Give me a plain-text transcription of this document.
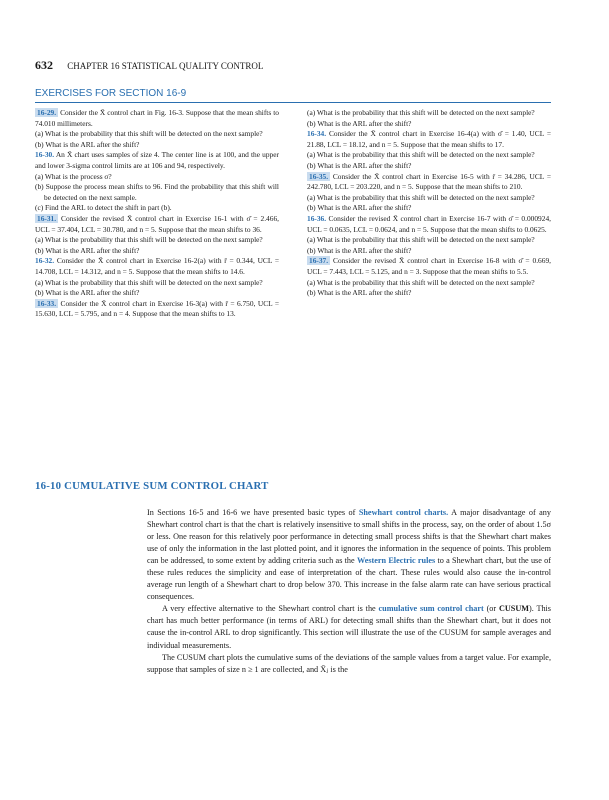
632 CHAPTER 16 STATISTICAL QUALITY CONTROL
EXERCISES FOR SECTION 16-9

16-29. Consider the X̄ control chart in Fig. 16-3. Suppose that the mean shifts to 74.010 millimeters.

(a) What is the probability that this shift will be detected on the next sample?

(b) What is the ARL after the shift?

16-30. An X̄ chart uses samples of size 4. The center line is at 100, and the upper and lower 3-sigma control limits are at 106 and 94, respectively.

(a) What is the process σ?

(b) Suppose the process mean shifts to 96. Find the probability that this shift will be detected on the next sample.

(c) Find the ARL to detect the shift in part (b).

16-31. Consider the revised X̄ control chart in Exercise 16-1 with σ̂ = 2.466, UCL = 37.404, LCL = 30.780, and n = 5. Suppose that the mean shifts to 36.

(a) What is the probability that this shift will be detected on the next sample?

(b) What is the ARL after the shift?

16-32. Consider the X̄ control chart in Exercise 16-2(a) with r̄ = 0.344, UCL = 14.708, LCL = 14.312, and n = 5. Suppose that the mean shifts to 14.6.

(a) What is the probability that this shift will be detected on the next sample?

(b) What is the ARL after the shift?

16-33. Consider the X̄ control chart in Exercise 16-3(a) with r̄ = 6.750, UCL = 15.630, LCL = 5.795, and n = 4. Suppose that the mean shifts to 13.

(a) What is the probability that this shift will be detected on the next sample?

(b) What is the ARL after the shift?

16-34. Consider the X̄ control chart in Exercise 16-4(a) with σ̂ = 1.40, UCL = 21.88, LCL = 18.12, and n = 5. Suppose that the mean shifts to 17.

(a) What is the probability that this shift will be detected on the next sample?

(b) What is the ARL after the shift?

16-35. Consider the X̄ control chart in Exercise 16-5 with r̄ = 34.286, UCL = 242.780, LCL = 203.220, and n = 5. Suppose that the mean shifts to 210.

(a) What is the probability that this shift will be detected on the next sample?

(b) What is the ARL after the shift?

16-36. Consider the revised X̄ control chart in Exercise 16-7 with σ̂ = 0.000924, UCL = 0.0635, LCL = 0.0624, and n = 5. Suppose that the mean shifts to 0.0625.

(a) What is the probability that this shift will be detected on the next sample?

(b) What is the ARL after the shift?

16-37. Consider the revised X̄ control chart in Exercise 16-8 with σ̂ = 0.669, UCL = 7.443, LCL = 5.125, and n = 3. Suppose that the mean shifts to 5.5.

(a) What is the probability that this shift will be detected on the next sample?

(b) What is the ARL after the shift?

16-10 CUMULATIVE SUM CONTROL CHART

In Sections 16-5 and 16-6 we have presented basic types of Shewhart control charts. A major disadvantage of any Shewhart control chart is that the chart is relatively insensitive to small shifts in the process, say, on the order of about 1.5σ or less. One reason for this relatively poor performance in detecting small process shifts is that the Shewhart chart makes use of only the information in the last plotted point, and it ignores the information in the sequence of points. This problem can be addressed, to some extent by adding criteria such as the Western Electric rules to a Shewhart chart, but the use of these rules reduces the simplicity and ease of interpretation of the chart. These rules would also cause the in-control average run length of a Shewhart chart to drop below 370. This increase in the false alarm rate can have serious practical consequences.

A very effective alternative to the Shewhart control chart is the cumulative sum control chart (or CUSUM). This chart has much better performance (in terms of ARL) for detecting small shifts than the Shewhart chart, but it does not cause the in-control ARL to drop significantly. This section will illustrate the use of the CUSUM for sample averages and individual measurements.

The CUSUM chart plots the cumulative sums of the deviations of the sample values from a target value. For example, suppose that samples of size n ≥ 1 are collected, and X̄ⱼ is the
